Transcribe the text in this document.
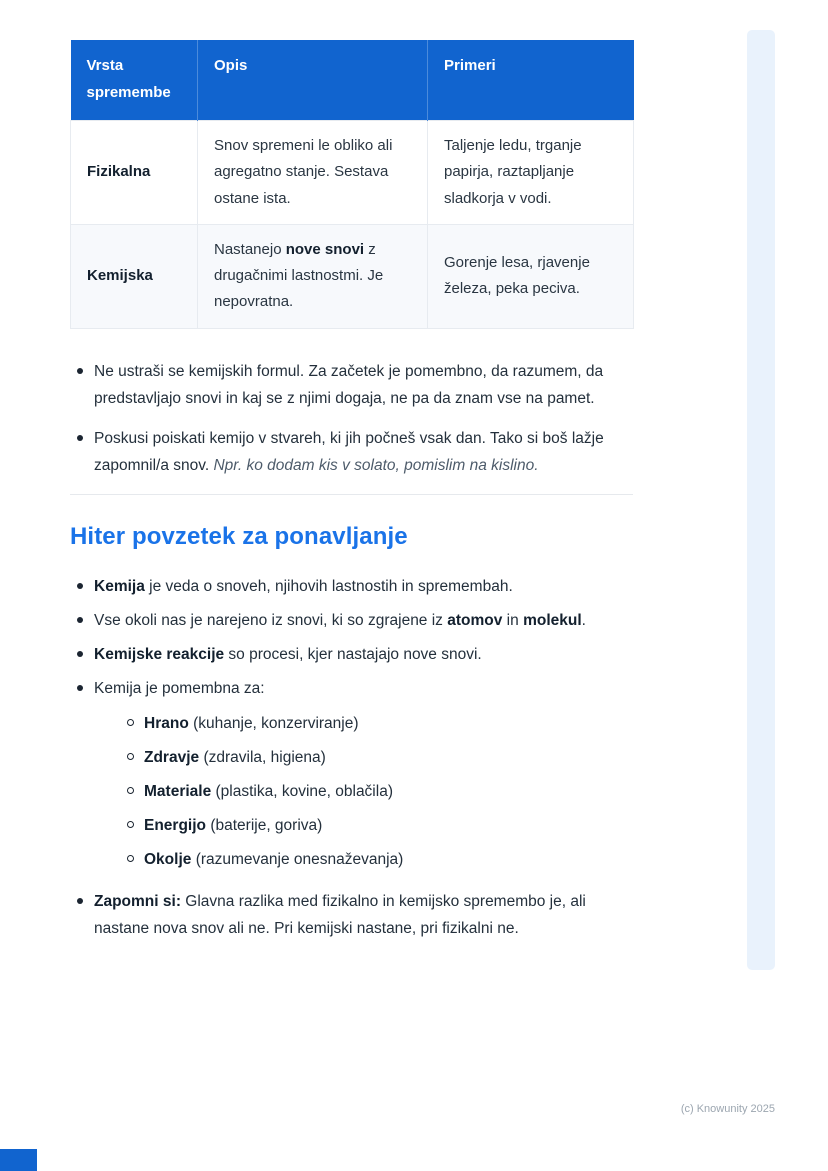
Vrsta spremembe	Opis	Primeri
Fizikalna	Snov spremeni le obliko ali agregatno stanje. Sestava ostane ista.	Taljenje ledu, trganje papirja, raztapljanje sladkorja v vodi.
Kemijska	Nastanejo nove snovi z drugačnimi lastnostmi. Je nepovratna.	Gorenje lesa, rjavenje železa, peka peciva.
Ne ustraši se kemijskih formul. Za začetek je pomembno, da razumem, da predstavljajo snovi in kaj se z njimi dogaja, ne pa da znam vse na pamet.
Poskusi poiskati kemijo v stvareh, ki jih počneš vsak dan. Tako si boš lažje zapomnil/a snov. Npr. ko dodam kis v solato, pomislim na kislino.
Hiter povzetek za ponavljanje
Kemija je veda o snoveh, njihovih lastnostih in spremembah.
Vse okoli nas je narejeno iz snovi, ki so zgrajene iz atomov in molekul.
Kemijske reakcije so procesi, kjer nastajajo nove snovi.
Kemija je pomembna za:
Hrano (kuhanje, konzerviranje)
Zdravje (zdravila, higiena)
Materiale (plastika, kovine, oblačila)
Energijo (baterije, goriva)
Okolje (razumevanje onesnaževanja)
Zapomni si: Glavna razlika med fizikalno in kemijsko spremembo je, ali nastane nova snov ali ne. Pri kemijski nastane, pri fizikalni ne.
(c) Knowunity 2025
